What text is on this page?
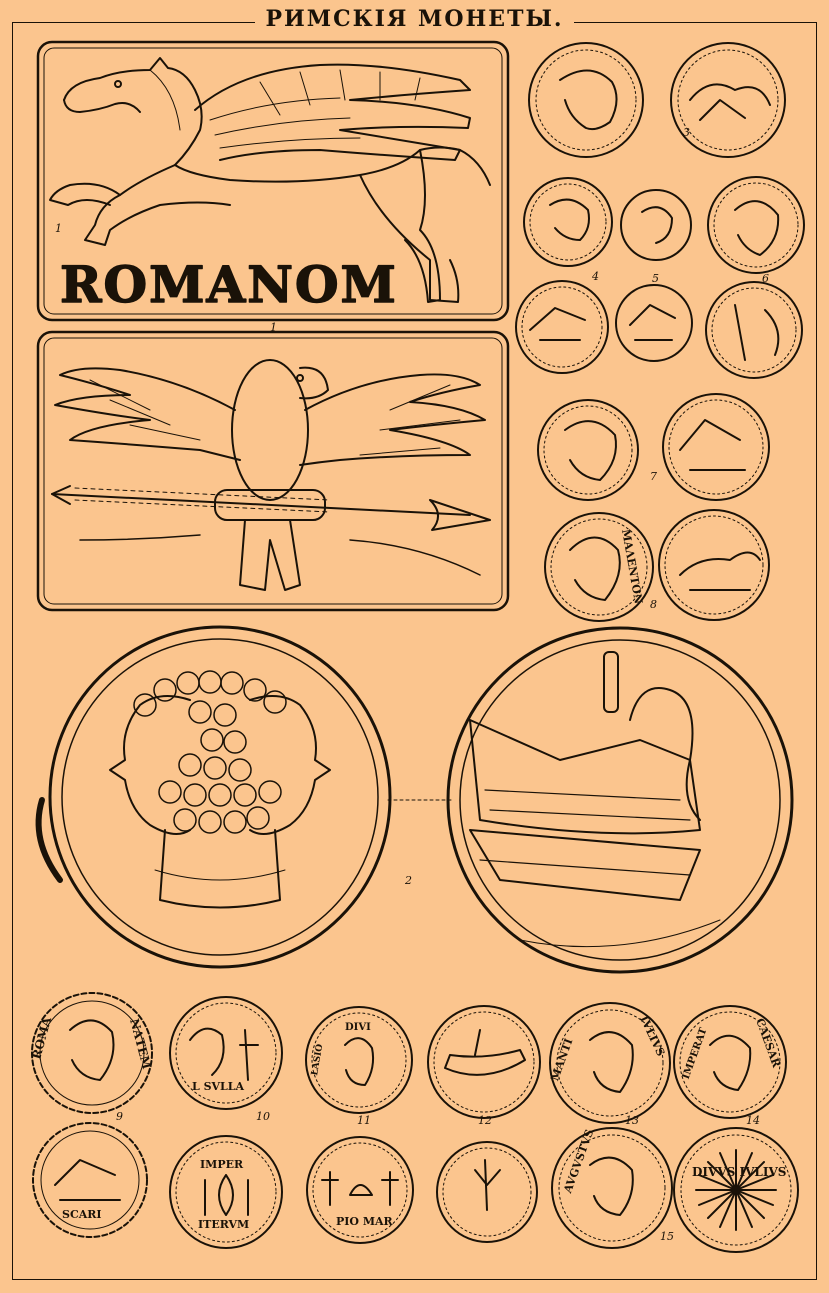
РИМСКІЯ МОНЕТЫ.
ROMANOM
1
1
3
4	5	6
7
ΜΑΛΕΝΤΟΝ 8
2
ROMA	ΝΑΤΕΜ
SCARI
9
L SVLLA
IMPER
ITERVM
10
DIVI
LASIO
PIO MAR
11	12
MANTI
IVLIVS
13
CAESAR
IMPERAT
14
AVGVSTVS	DIVVS IVLIVS
15
